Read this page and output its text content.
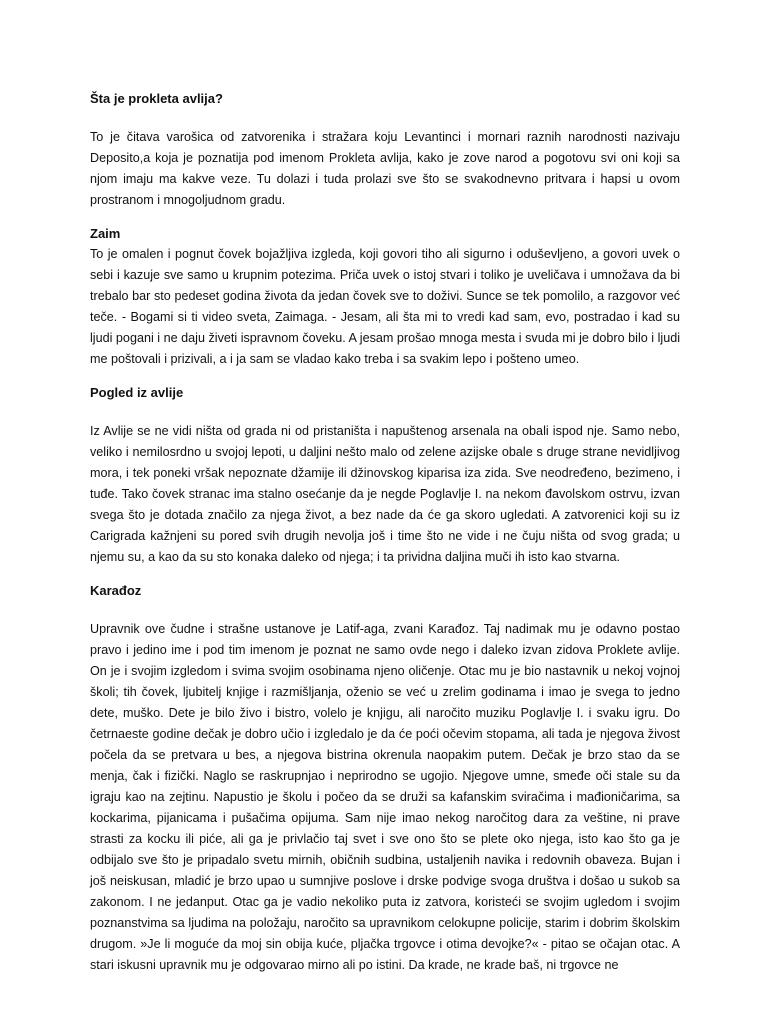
Šta je prokleta avlija?

To je čitava varošica od zatvorenika i stražara koju Levantinci i mornari raznih narodnosti nazivaju Deposito,a koja je poznatija pod imenom Prokleta avlija, kako je zove narod a pogotovu svi oni koji sa njom imaju ma kakve veze. Tu dolazi i tuda prolazi sve što se svakodnevno pritvara i hapsi u ovom prostranom i mnogoljudnom gradu.

Zaim

To je omalen i pognut čovek bojažljiva izgleda, koji govori tiho ali sigurno i oduševljeno, a govori uvek o sebi i kazuje sve samo u krupnim potezima. Priča uvek o istoj stvari i toliko je uveličava i umnožava da bi trebalo bar sto pedeset godina života da jedan čovek sve to doživi. Sunce se tek pomolilo, a razgovor već teče. - Bogami si ti video sveta, Zaimaga. - Jesam, ali šta mi to vredi kad sam, evo, postradao i kad su ljudi pogani i ne daju živeti ispravnom čoveku. A jesam prošao mnoga mesta i svuda mi je dobro bilo i ljudi me poštovali i prizivali, a i ja sam se vladao kako treba i sa svakim lepo i pošteno umeo.

Pogled iz avlije

Iz Avlije se ne vidi ništa od grada ni od pristaništa i napuštenog arsenala na obali ispod nje. Samo nebo, veliko i nemilosrdno u svojoj lepoti, u daljini nešto malo od zelene azijske obale s druge strane nevidljivog mora, i tek poneki vršak nepoznate džamije ili džinovskog kiparisa iza zida. Sve neodređeno, bezimeno, i tuđe. Tako čovek stranac ima stalno osećanje da je negde Poglavlje I. na nekom đavolskom ostrvu, izvan svega što je dotada značilo za njega život, a bez nade da će ga skoro ugledati. A zatvorenici koji su iz Carigrada kažnjeni su pored svih drugih nevolja još i time što ne vide i ne čuju ništa od svog grada; u njemu su, a kao da su sto konaka daleko od njega; i ta prividna daljina muči ih isto kao stvarna.

Karađoz

Upravnik ove čudne i strašne ustanove je Latif-aga, zvani Karađoz. Taj nadimak mu je odavno postao pravo i jedino ime i pod tim imenom je poznat ne samo ovde nego i daleko izvan zidova Proklete avlije. On je i svojim izgledom i svima svojim osobinama njeno oličenje. Otac mu je bio nastavnik u nekoj vojnoj školi; tih čovek, ljubitelj knjige i razmišljanja, oženio se već u zrelim godinama i imao je svega to jedno dete, muško. Dete je bilo živo i bistro, volelo je knjigu, ali naročito muziku Poglavlje I. i svaku igru. Do četrnaeste godine dečak je dobro učio i izgledalo je da će poći očevim stopama, ali tada je njegova živost počela da se pretvara u bes, a njegova bistrina okrenula naopakim putem. Dečak je brzo stao da se menja, čak i fizički. Naglo se raskrupnjao i neprirodno se ugojio. Njegove umne, smeđe oči stale su da igraju kao na zejtinu. Napustio je školu i počeo da se druži sa kafanskim sviračima i mađioničarima, sa kockarima, pijanicama i pušačima opijuma. Sam nije imao nekog naročitog dara za veštine, ni prave strasti za kocku ili piće, ali ga je privlačio taj svet i sve ono što se plete oko njega, isto kao što ga je odbijalo sve što je pripadalo svetu mirnih, običnih sudbina, ustaljenih navika i redovnih obaveza. Bujan i još neiskusan, mladić je brzo upao u sumnjive poslove i drske podvige svoga društva i došao u sukob sa zakonom. I ne jedanput. Otac ga je vadio nekoliko puta iz zatvora, koristeći se svojim ugledom i svojim poznanstvima sa ljudima na položaju, naročito sa upravnikom celokupne policije, starim i dobrim školskim drugom. »Je li moguće da moj sin obija kuće, pljačka trgovce i otima devojke?« - pitao se očajan otac. A stari iskusni upravnik mu je odgovarao mirno ali po istini. Da krade, ne krade baš, ni trgovce ne
